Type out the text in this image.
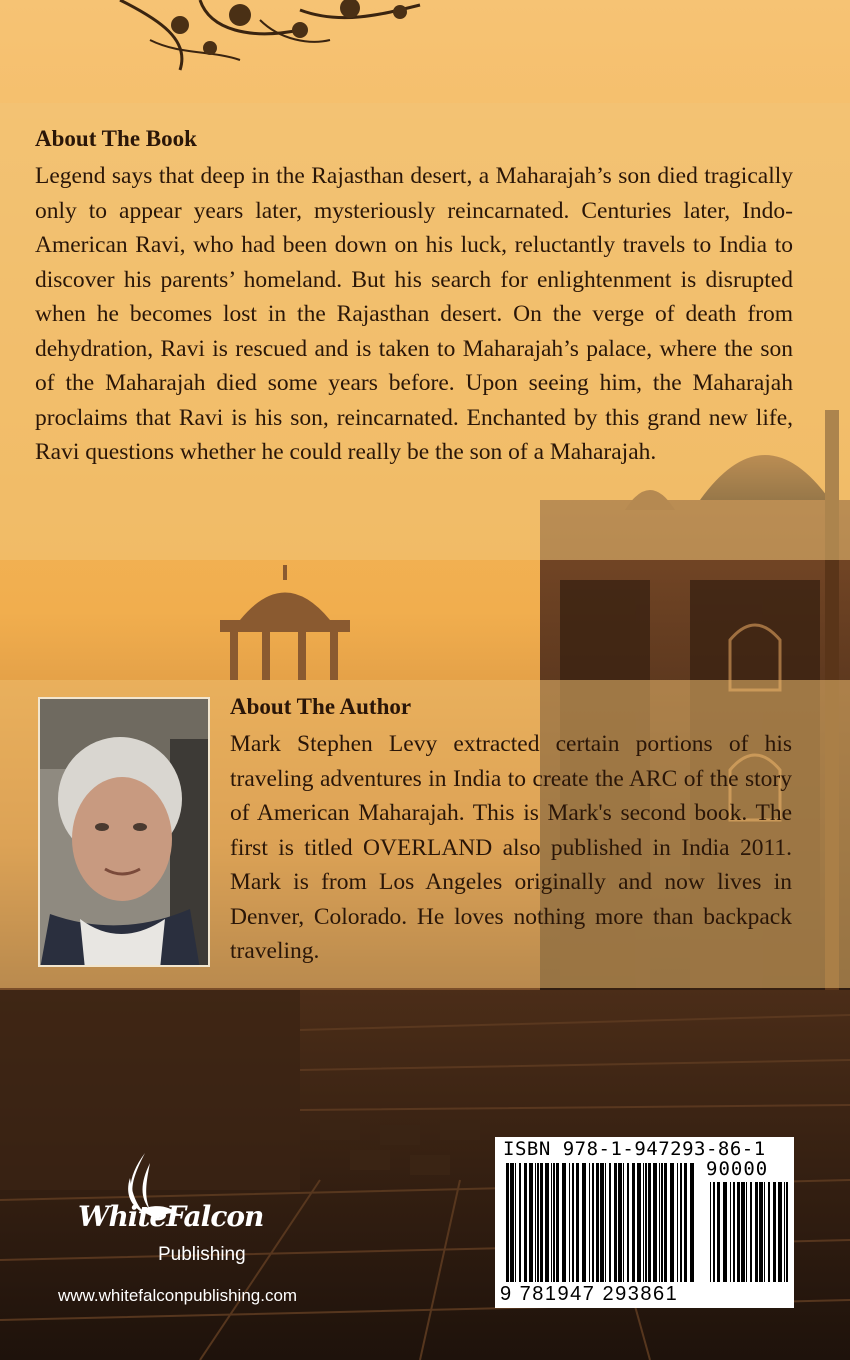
About The Book

Legend says that deep in the Rajasthan desert, a Maharajah’s son died tragically only to appear years later, mysteriously reincarnated. Centuries later, Indo-American Ravi, who had been down on his luck, reluctantly travels to India to discover his parents’ homeland. But his search for enlightenment is disrupted when he becomes lost in the Rajasthan desert. On the verge of death from dehydration, Ravi is rescued and is taken to Maharajah’s palace, where the son of the Maharajah died some years before. Upon seeing him, the Maharajah proclaims that Ravi is his son, reincarnated. Enchanted by this grand new life, Ravi questions whether he could really be the son of a Maharajah.

About The Author

Mark Stephen Levy extracted certain portions of his traveling adventures in India to create the ARC of the story of American Maharajah. This is Mark's second book. The first is titled OVERLAND also published in India 2011. Mark is from Los Angeles originally and now lives in Denver, Colorado. He loves nothing more than backpack traveling.

WhiteFalcon
Publishing
www.whitefalconpublishing.com
ISBN 978-1-947293-86-1
90000
9 781947 293861
